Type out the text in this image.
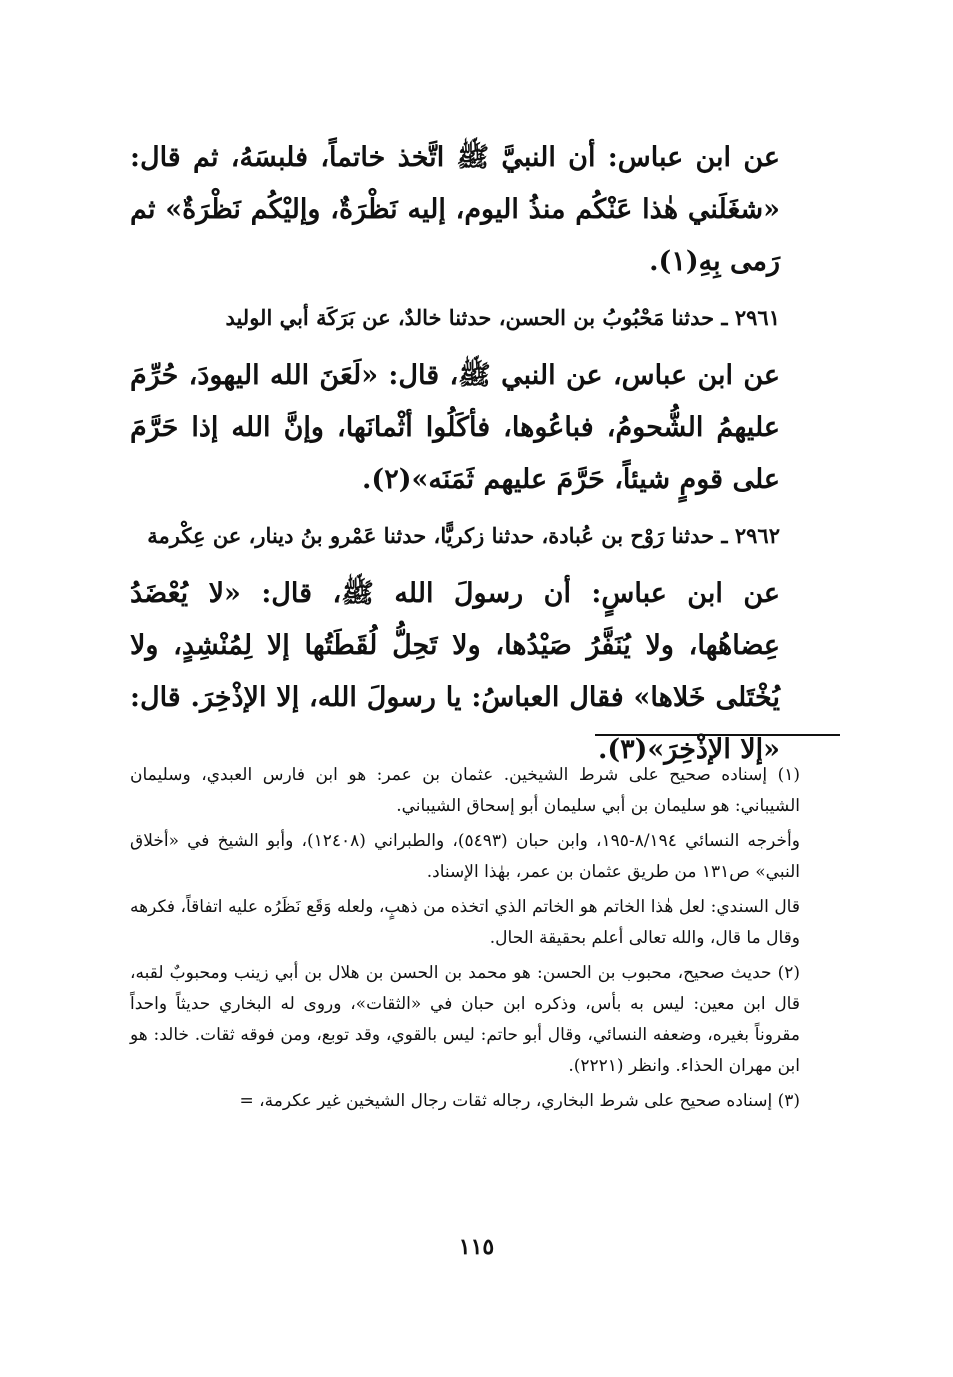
عن ابن عباس: أن النبيَّ ﷺ اتَّخذ خاتماً، فلبسَهُ، ثم قال: «شغَلَني هٰذا عَنْكُم منذُ اليوم، إليه نَظْرَةٌ، وإليْكُم نَظْرَةٌ» ثم رَمى بِهِ(١).

٢٩٦١ ـ حدثنا مَحْبُوبُ بن الحسن، حدثنا خالدٌ، عن بَرَكَة أبي الوليد

عن ابن عباس، عن النبي ﷺ، قال: «لَعَنَ الله اليهودَ، حُرِّمَ عليهمُ الشُّحومُ، فباعُوها، فأكَلُوا أثْمانَها، وإنَّ الله إذا حَرَّمَ على قومٍ شيئاً، حَرَّمَ عليهم ثَمَنَه»(٢).

٢٩٦٢ ـ حدثنا رَوْح بن عُبادة، حدثنا زكريًّا، حدثنا عَمْرو بنُ دينار، عن عِكْرمة

عن ابن عباسٍ: أن رسولَ الله ﷺ، قال: «لا يُعْضَدُ عِضاهُها، ولا يُنَفَّرُ صَيْدُها، ولا تَحِلُّ لُقَطَتُها إلا لِمُنْشِدٍ، ولا يُخْتَلى خَلاها» فقال العباسُ: يا رسولَ الله، إلا الإذْخِرَ. قال: «إلا الإذْخِرَ»(٣).

(١) إسناده صحيح على شرط الشيخين. عثمان بن عمر: هو ابن فارس العبدي، وسليمان الشيباني: هو سليمان بن أبي سليمان أبو إسحاق الشيباني.

وأخرجه النسائي ٨/١٩٤-١٩٥، وابن حبان (٥٤٩٣)، والطبراني (١٢٤٠٨)، وأبو الشيخ في «أخلاق النبي» ص١٣١ من طريق عثمان بن عمر، بهٰذا الإسناد.

قال السندي: لعل هٰذا الخاتم هو الخاتم الذي اتخذه من ذهبٍ، ولعله وَقَع نَظَرُه عليه اتفاقاً، فكرهه وقال ما قال، والله تعالى أعلم بحقيقة الحال.

(٢) حديث صحيح، محبوب بن الحسن: هو محمد بن الحسن بن هلال بن أبي زينب ومحبوبٌ لقبه، قال ابن معين: ليس به بأس، وذكره ابن حبان في «الثقات»، وروى له البخاري حديثاً واحداً مقروناً بغيره، وضعفه النسائي، وقال أبو حاتم: ليس بالقوي، وقد توبع، ومن فوقه ثقات. خالد: هو ابن مهران الحذاء. وانظر (٢٢٢١).

(٣) إسناده صحيح على شرط البخاري، رجاله ثقات رجال الشيخين غير عكرمة، =

١١٥
